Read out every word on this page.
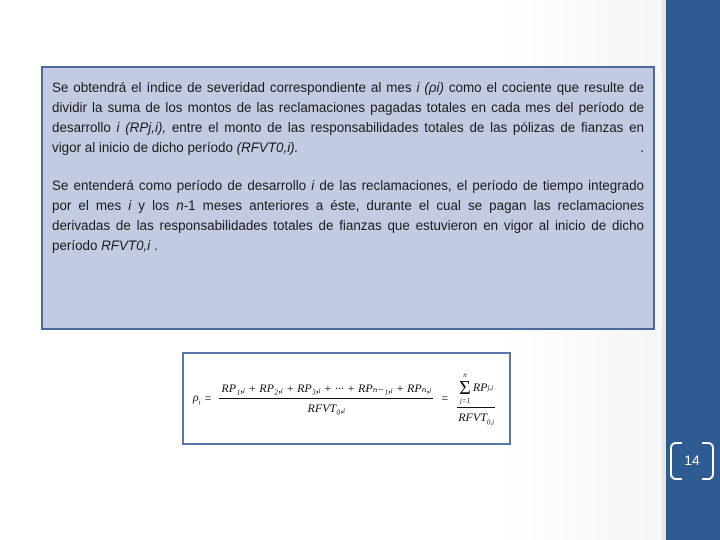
14

Se obtendrá el índice de severidad correspondiente al mes i (ρi) como el cociente que resulte de dividir la suma de los montos de las reclamaciones pagadas totales en cada mes del período de desarrollo i (RPj,i), entre el monto de las responsabilidades totales de las pólizas de fianzas en vigor al inicio de dicho período (RFVT0,i).	.

Se entenderá como período de desarrollo i de las reclamaciones, el período de tiempo integrado por el mes i y los n-1 meses anteriores a éste, durante el cual se pagan las reclamaciones derivadas de las responsabilidades totales de fianzas que estuvieron en vigor al inicio de dicho período RFVT0,i .

$\rho_i = \frac{\text{RP₁,ᵢ + RP₂,ᵢ + RP₃,ᵢ + ··· + RPₙ₋₁,ᵢ + RPₙ,ᵢ}}{\text{RFVT₀,ᵢ}} = n$
Σ
j=1
RP j,i
$RFVT_{0,i}$
